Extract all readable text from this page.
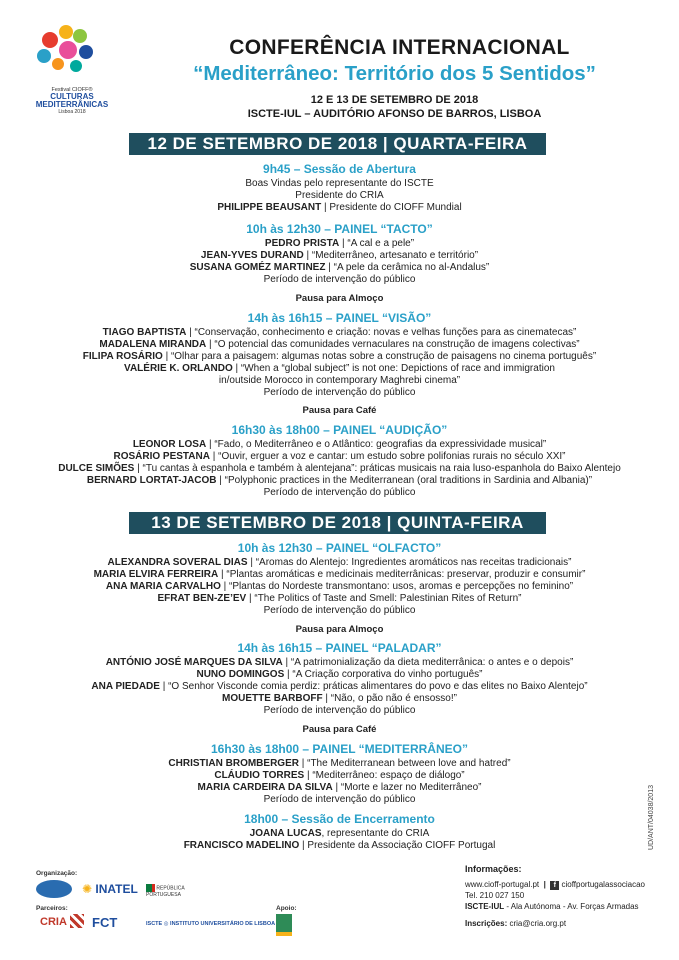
Festival CIOFF®
CULTURAS
MEDITERRÂNICAS
Lisboa 2018
CONFERÊNCIA INTERNACIONAL
“Mediterrâneo: Território dos 5 Sentidos”
12 E 13 DE SETEMBRO DE 2018
ISCTE-IUL – AUDITÓRIO AFONSO DE BARROS, LISBOA
12 DE SETEMBRO DE 2018 | QUARTA-FEIRA
9h45 – Sessão de Abertura
Boas Vindas pelo representante do ISCTE
Presidente do CRIA
PHILIPPE BEAUSANT | Presidente do CIOFF Mundial
10h às 12h30 – PAINEL “TACTO”
PEDRO PRISTA | “A cal e a pele”
JEAN-YVES DURAND | “Mediterrâneo, artesanato e território”
SUSANA GOMÉZ MARTINEZ | “A pele da cerâmica no al-Andalus”
Período de intervenção do público
Pausa para Almoço
14h às 16h15 – PAINEL “VISÃO”
TIAGO BAPTISTA | “Conservação, conhecimento e criação: novas e velhas funções para as cinematecas”
MADALENA MIRANDA | “O potencial das comunidades vernaculares na construção de imagens colectivas”
FILIPA ROSÁRIO | “Olhar para a paisagem: algumas notas sobre a construção de paisagens no cinema português”
VALÉRIE K. ORLANDO | “When a “global subject” is not one: Depictions of race and immigration
in/outside Morocco in contemporary Maghrebi cinema”
Período de intervenção do público
Pausa para Café
16h30 às 18h00 – PAINEL “AUDIÇÃO”
LEONOR LOSA | “Fado, o Mediterrâneo e o Atlântico: geografias da expressividade musical”
ROSÁRIO PESTANA | “Ouvir, erguer a voz e cantar: um estudo sobre polifonias rurais no século XXI”
DULCE SIMÕES | “Tu cantas à espanhola e também à alentejana”: práticas musicais na raia luso-espanhola do Baixo Alentejo
BERNARD LORTAT-JACOB | “Polyphonic practices in the Mediterranean (oral traditions in Sardinia and Albania)”
Período de intervenção do público
13 DE SETEMBRO DE 2018 | QUINTA-FEIRA
10h às 12h30 – PAINEL “OLFACTO”
ALEXANDRA SOVERAL DIAS | “Aromas do Alentejo: Ingredientes aromáticos nas receitas tradicionais”
MARIA ELVIRA FERREIRA | “Plantas aromáticas e medicinais mediterrânicas: preservar, produzir e consumir”
ANA MARIA CARVALHO | “Plantas do Nordeste transmontano: usos, aromas e percepções no feminino”
EFRAT BEN-ZE’EV | “The Politics of Taste and Smell: Palestinian Rites of Return”
Período de intervenção do público
Pausa para Almoço
14h às 16h15 – PAINEL “PALADAR”
ANTÓNIO JOSÉ MARQUES DA SILVA | “A patrimonialização da dieta mediterrânica: o antes e o depois”
NUNO DOMINGOS | “A Criação corporativa do vinho português”
ANA PIEDADE | “O Senhor Visconde comia perdiz: práticas alimentares do povo e das elites no Baixo Alentejo”
MOUETTE BARBOFF | “Não, o pão não é ensosso!”
Período de intervenção do público
Pausa para Café
16h30 às 18h00 – PAINEL “MEDITERRÂNEO”
CHRISTIAN BROMBERGER | “The Mediterranean between love and hatred”
CLÁUDIO TORRES | “Mediterrâneo: espaço de diálogo”
MARIA CARDEIRA DA SILVA | “Morte e lazer no Mediterrâneo”
Período de intervenção do público
18h00 – Sessão de Encerramento
JOANA LUCAS, representante do CRIA
FRANCISCO MADELINO | Presidente da Associação CIOFF Portugal	UD/ANT/04038/2013
Organização:
✺ INATEL	REPÚBLICA PORTUGUESA
Parceiros:
CRIA FCT	ISCTE ◎ INSTITUTO UNIVERSITÁRIO DE LISBOA
Apoio:
Informações:
www.cioff-portugal.pt | f cioffportugalassociacao
Tel. 210 027 150
ISCTE-IUL - Ala Autónoma - Av. Forças Armadas
Inscrições: cria@cria.org.pt
